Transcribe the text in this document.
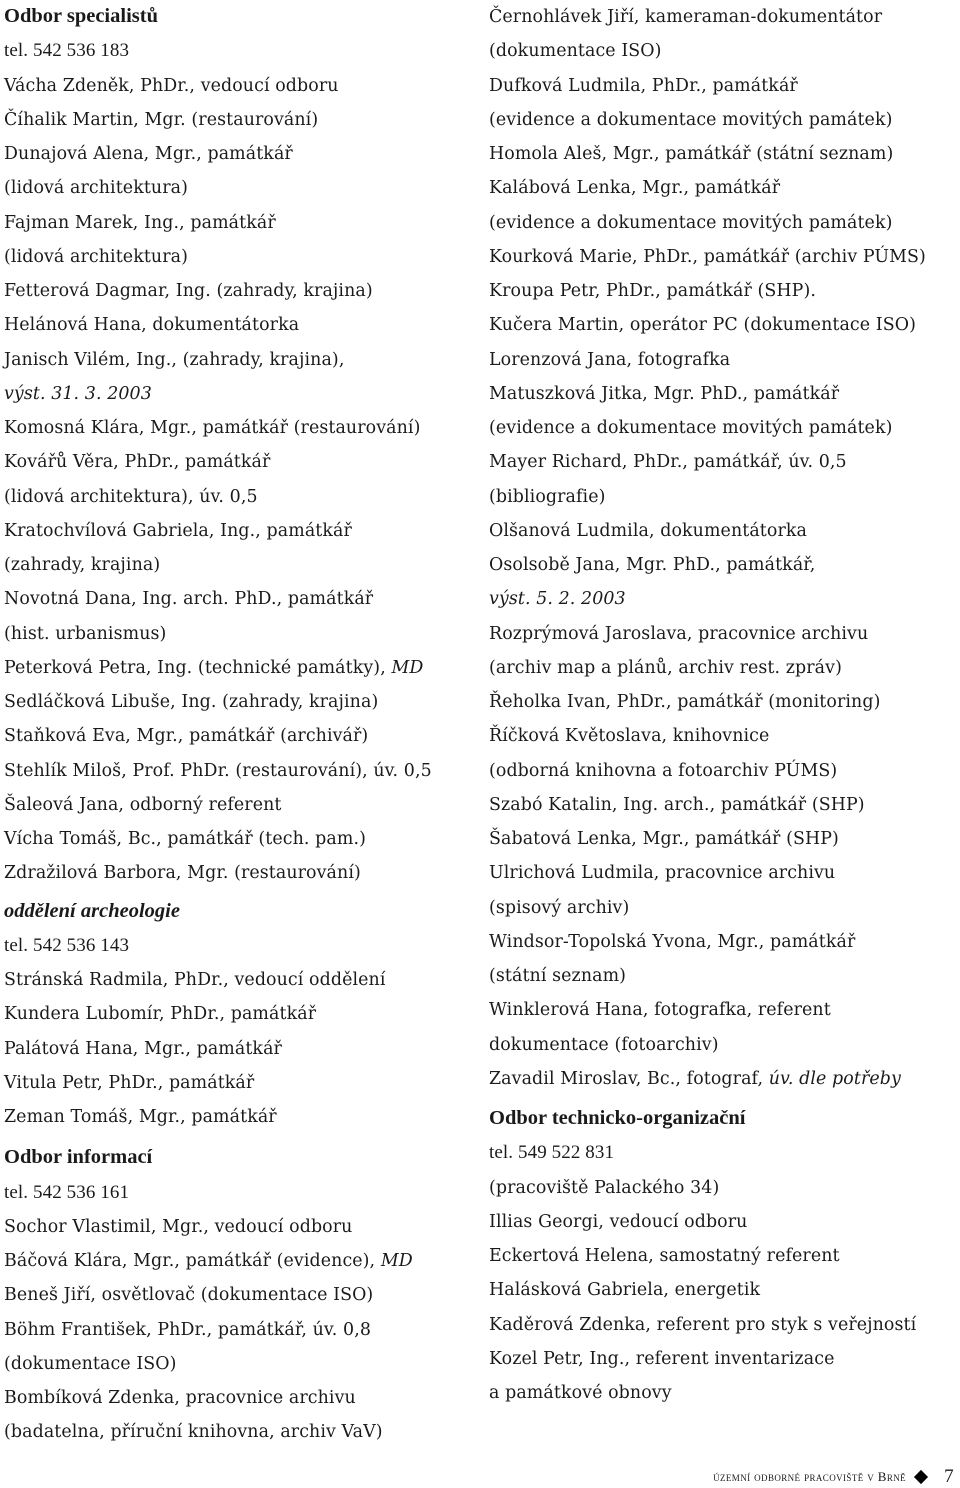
Odbor specialistů
tel. 542 536 183
Vácha Zdeněk, PhDr., vedoucí odboru
Číhalik Martin, Mgr. (restaurování)
Dunajová Alena, Mgr., památkář
(lidová architektura)
Fajman Marek, Ing., památkář
(lidová architektura)
Fetterová Dagmar, Ing. (zahrady, krajina)
Helánová Hana, dokumentátorka
Janisch Vilém, Ing., (zahrady, krajina),
výst. 31. 3. 2003
Komosná Klára, Mgr., památkář (restaurování)
Kovářů Věra, PhDr., památkář
(lidová architektura), úv. 0,5
Kratochvílová Gabriela, Ing., památkář
(zahrady, krajina)
Novotná Dana, Ing. arch. PhD., památkář
(hist. urbanismus)
Peterková Petra, Ing. (technické památky), MD
Sedláčková Libuše, Ing. (zahrady, krajina)
Staňková Eva, Mgr., památkář (archivář)
Stehlík Miloš, Prof. PhDr. (restaurování), úv. 0,5
Šaleová Jana, odborný referent
Vícha Tomáš, Bc., památkář (tech. pam.)
Zdražilová Barbora, Mgr. (restaurování)
oddělení archeologie
tel. 542 536 143
Stránská Radmila, PhDr., vedoucí oddělení
Kundera Lubomír, PhDr., památkář
Palátová Hana, Mgr., památkář
Vitula Petr, PhDr., památkář
Zeman Tomáš, Mgr., památkář
Odbor informací
tel. 542 536 161
Sochor Vlastimil, Mgr., vedoucí odboru
Báčová Klára, Mgr., památkář (evidence), MD
Beneš Jiří, osvětlovač (dokumentace ISO)
Böhm František, PhDr., památkář, úv. 0,8
(dokumentace ISO)
Bombíková Zdenka, pracovnice archivu
(badatelna, příruční knihovna, archiv VaV)
Černohlávek Jiří, kameraman-dokumentátor
(dokumentace ISO)
Dufková Ludmila, PhDr., památkář
(evidence a dokumentace movitých památek)
Homola Aleš, Mgr., památkář (státní seznam)
Kalábová Lenka, Mgr., památkář
(evidence a dokumentace movitých památek)
Kourková Marie, PhDr., památkář (archiv PÚMS)
Kroupa Petr, PhDr., památkář (SHP).
Kučera Martin, operátor PC (dokumentace ISO)
Lorenzová Jana, fotografka
Matuszková Jitka, Mgr. PhD., památkář
(evidence a dokumentace movitých památek)
Mayer Richard, PhDr., památkář, úv. 0,5
(bibliografie)
Olšanová Ludmila, dokumentátorka
Osolsobě Jana, Mgr. PhD., památkář,
výst. 5. 2. 2003
Rozprýmová Jaroslava, pracovnice archivu
(archiv map a plánů, archiv rest. zpráv)
Řeholka Ivan, PhDr., památkář (monitoring)
Říčková Květoslava, knihovnice
(odborná knihovna a fotoarchiv PÚMS)
Szabó Katalin, Ing. arch., památkář (SHP)
Šabatová Lenka, Mgr., památkář (SHP)
Ulrichová Ludmila, pracovnice archivu
(spisový archiv)
Windsor-Topolská Yvona, Mgr., památkář
(státní seznam)
Winklerová Hana, fotografka, referent
dokumentace (fotoarchiv)
Zavadil Miroslav, Bc., fotograf, úv. dle potřeby
Odbor technicko-organizační
tel. 549 522 831
(pracoviště Palackého 34)
Illias Georgi, vedoucí odboru
Eckertová Helena, samostatný referent
Halásková Gabriela, energetik
Kaděrová Zdenka, referent pro styk s veřejností
Kozel Petr, Ing., referent inventarizace
a památkové obnovy
územní odborné pracoviště v Brně 7
